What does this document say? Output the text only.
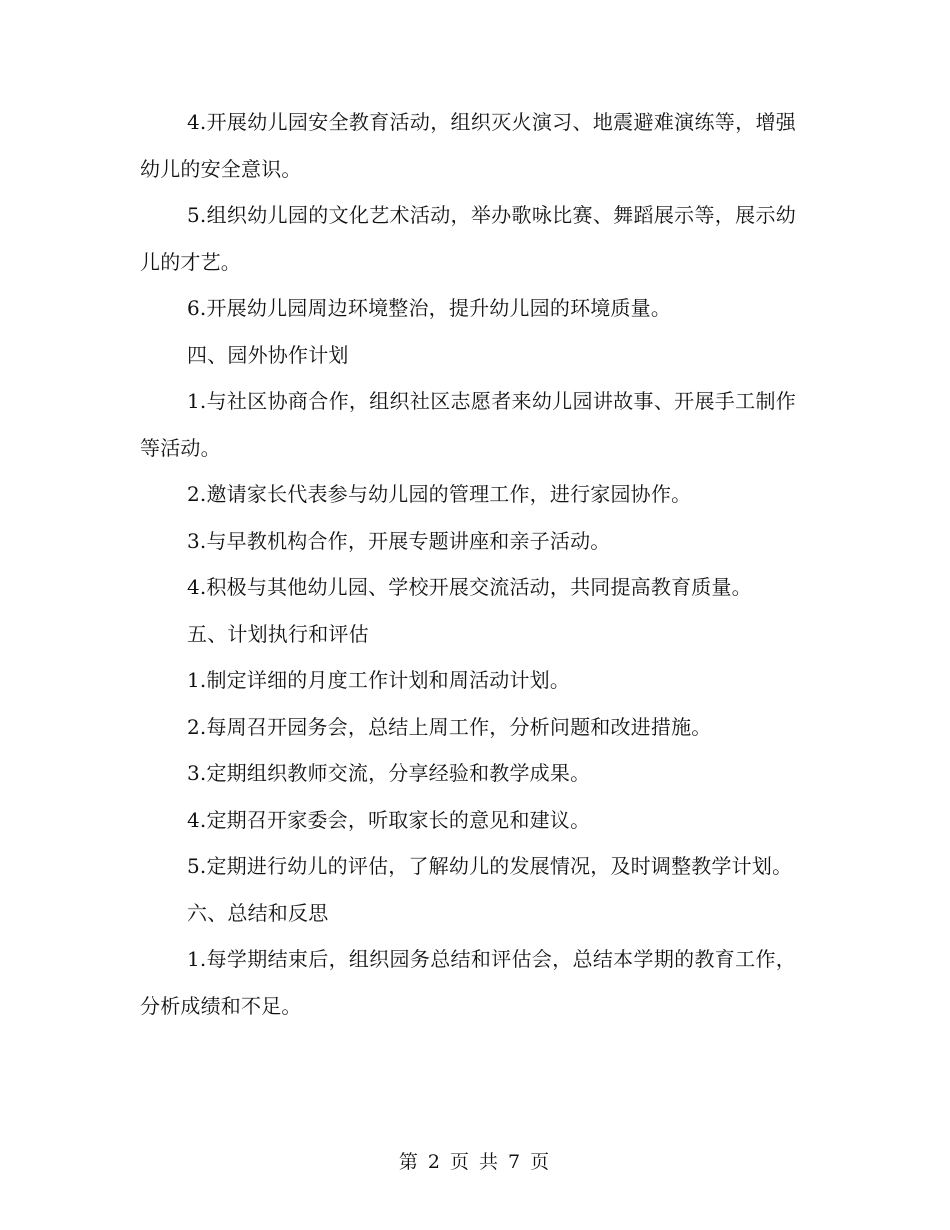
4.开展幼儿园安全教育活动，组织灭火演习、地震避难演练等，增强幼儿的安全意识。

5.组织幼儿园的文化艺术活动，举办歌咏比赛、舞蹈展示等，展示幼儿的才艺。

6.开展幼儿园周边环境整治，提升幼儿园的环境质量。

四、园外协作计划

1.与社区协商合作，组织社区志愿者来幼儿园讲故事、开展手工制作等活动。

2.邀请家长代表参与幼儿园的管理工作，进行家园协作。

3.与早教机构合作，开展专题讲座和亲子活动。

4.积极与其他幼儿园、学校开展交流活动，共同提高教育质量。

五、计划执行和评估

1.制定详细的月度工作计划和周活动计划。

2.每周召开园务会，总结上周工作，分析问题和改进措施。

3.定期组织教师交流，分享经验和教学成果。

4.定期召开家委会，听取家长的意见和建议。

5.定期进行幼儿的评估，了解幼儿的发展情况，及时调整教学计划。

六、总结和反思

1.每学期结束后，组织园务总结和评估会，总结本学期的教育工作，分析成绩和不足。

第 2 页 共 7 页
